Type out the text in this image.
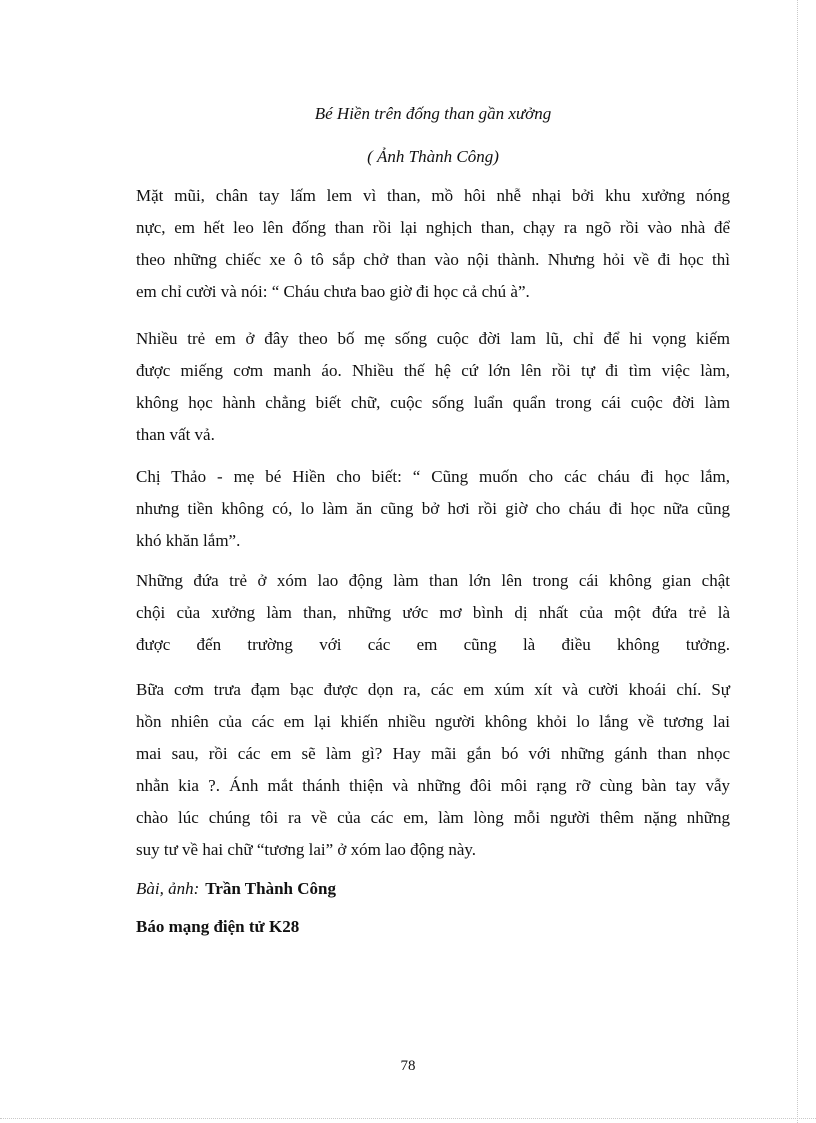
Bé Hiền trên đống than gần xưởng
( Ảnh Thành Công)
Mặt mũi, chân tay lấm lem vì than, mồ hôi nhễ nhại bởi khu xưởng nóng
nực, em hết leo lên đống than rồi lại nghịch than, chạy ra ngõ rồi vào nhà để
theo những chiếc xe ô tô sắp chở than vào nội thành. Nhưng hỏi về đi học thì
em chỉ cười và nói: “ Cháu chưa bao giờ đi học cả chú à”.
Nhiều trẻ em ở đây theo bố mẹ sống cuộc đời lam lũ, chỉ để hi vọng kiếm
được miếng cơm manh áo. Nhiều thế hệ cứ lớn lên rồi tự đi tìm việc làm,
không học hành chẳng biết chữ, cuộc sống luẩn quẩn trong cái cuộc đời làm
than vất vả.
Chị Thảo - mẹ bé Hiền cho biết: “ Cũng muốn cho các cháu đi học lắm,
nhưng tiền không có, lo làm ăn cũng bở hơi rồi giờ cho cháu đi học nữa cũng
khó khăn lắm”.
Những đứa trẻ ở xóm lao động làm than lớn lên trong cái không gian chật
chội của xưởng làm than, những ước mơ bình dị nhất của một đứa trẻ là
được đến trường với các em cũng là điều không tưởng.
Bữa cơm trưa đạm bạc được dọn ra, các em xúm xít và cười khoái chí. Sự
hồn nhiên của các em lại khiến nhiều người không khỏi lo lắng về tương lai
mai sau, rồi các em sẽ làm gì? Hay mãi gắn bó với những gánh than nhọc
nhằn kia ?. Ánh mắt thánh thiện và những đôi môi rạng rỡ cùng bàn tay vẫy
chào lúc chúng tôi ra về của các em, làm lòng mỗi người thêm nặng những
suy tư về hai chữ “tương lai” ở xóm lao động này.
Bài, ảnh: Trần Thành Công
Báo mạng điện tử K28
78
